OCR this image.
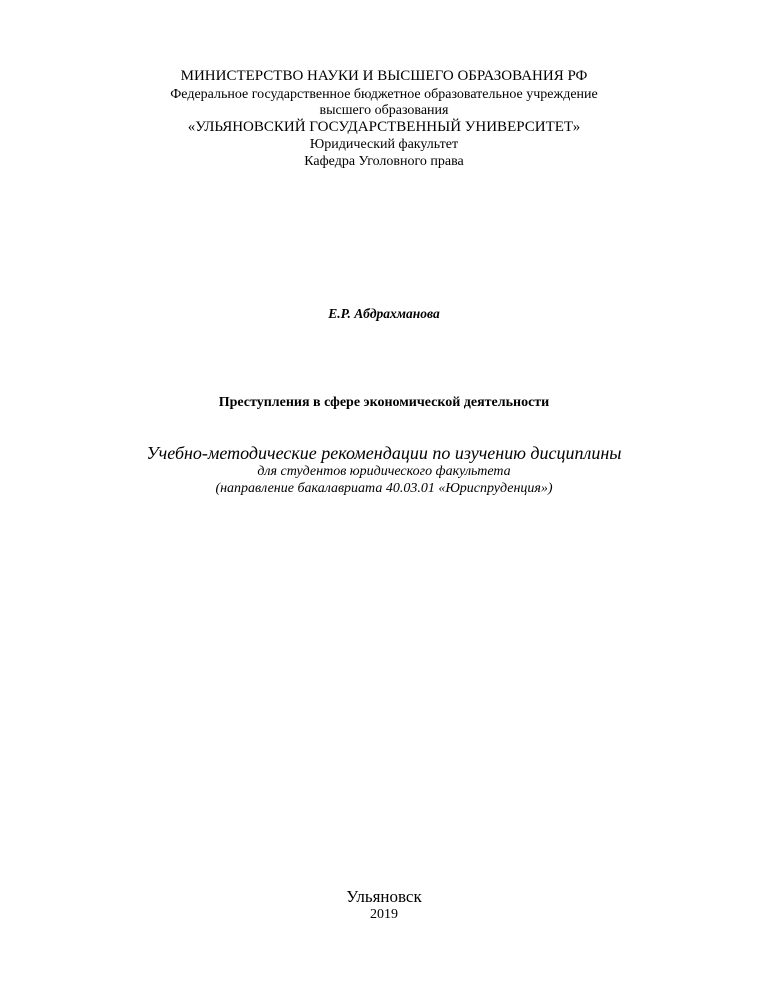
МИНИСТЕРСТВО НАУКИ И ВЫСШЕГО ОБРАЗОВАНИЯ РФ
Федеральное государственное бюджетное образовательное учреждение
высшего образования
«УЛЬЯНОВСКИЙ ГОСУДАРСТВЕННЫЙ УНИВЕРСИТЕТ»
Юридический факультет
Кафедра Уголовного права
Е.Р. Абдрахманова
Преступления в сфере экономической деятельности
Учебно-методические рекомендации по изучению дисциплины
для студентов юридического факультета
(направление бакалавриата 40.03.01 «Юриспруденция»)
Ульяновск
2019
